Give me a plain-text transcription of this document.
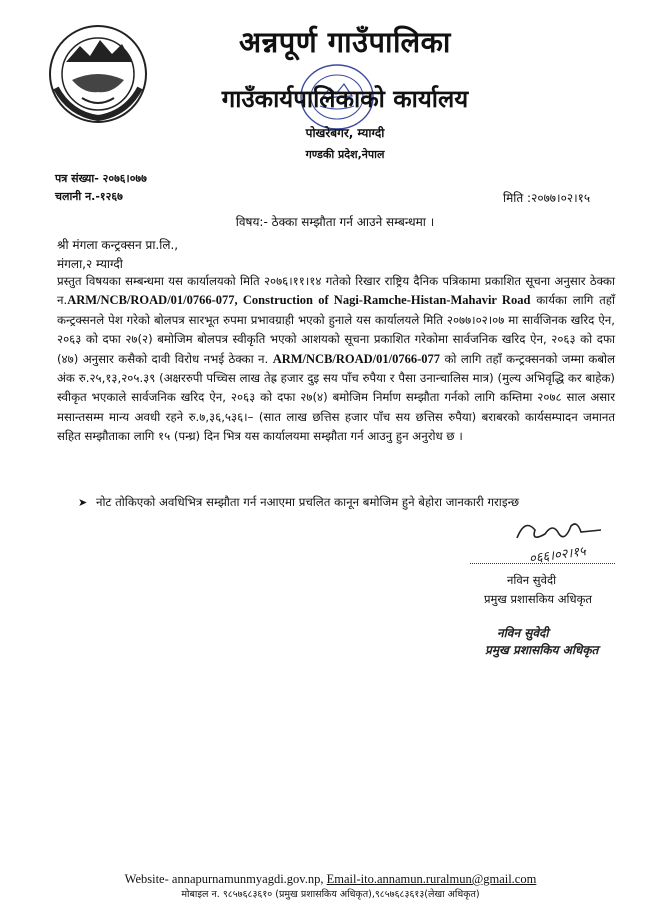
अन्नपूर्ण गाउँपालिका
गाउँकार्यपालिकाको कार्यालय
पोखरेबगर, म्याग्दी
गण्डकी प्रदेश,नेपाल
पत्र संख्या- २०७६।०७७
चलानी न.-१२६७	मिति :२०७७।०२।१५
विषय:- ठेक्का सम्झौता गर्न आउने सम्बन्धमा ।
श्री मंगला कन्ट्रक्सन प्रा.लि.,
मंगला,२ म्याग्दी
प्रस्तुत विषयका सम्बन्धमा यस कार्यालयको मिति २०७६।११।१४ गतेको रिखार राष्ट्रिय दैनिक पत्रिकामा प्रकाशित सूचना अनुसार ठेक्का न.ARM/NCB/ROAD/01/0766-077, Construction of Nagi-Ramche-Histan-Mahavir Road कार्यका लागि तहाँ कन्ट्रक्सनले पेश गरेको बोलपत्र सारभूत रुपमा प्रभावग्राही भएको हुनाले यस कार्यालयले मिति २०७७।०२।०७ मा सार्वजिनक खरिद ऐन, २०६३ को दफा २७(२) बमोजिम बोलपत्र स्वीकृति भएको आशयको सूचना प्रकाशित गरेकोमा सार्वजनिक खरिद ऐन, २०६३ को दफा (४७) अनुसार कसैको दावी विरोध नभई ठेक्का न. ARM/NCB/ROAD/01/0766-077 को लागि तहाँ कन्ट्रक्सनको जम्मा कबोल अंक रु.२५,१३,२०५.३९ (अक्षररुपी पच्चिस लाख तेह्र हजार दुइ सय पाँच रुपैया र पैसा उनान्चालिस मात्र) (मुल्य अभिवृद्धि कर बाहेक) स्वीकृत भएकाले सार्वजनिक खरिद ऐन, २०६३ को दफा २७(४) बमोजिम निर्माण सम्झौता गर्नको लागि कम्तिमा २०७८ साल असार मसान्तसम्म मान्य अवधी रहने रु.७,३६,५३६।– (सात लाख छत्तिस हजार पाँच सय छत्तिस रुपैया) बराबरको कार्यसम्पादन जमानत सहित सम्झौताका लागि १५ (पन्ध्र) दिन भित्र यस कार्यालयमा सम्झौता गर्न आउनु हुन अनुरोध छ ।
➤ नोट तोकिएको अवधिभित्र सम्झौता गर्न नआएमा प्रचलित कानून बमोजिम हुने बेहोरा जानकारी गराइन्छ
०६६।०२।१५
नविन सुवेदी
प्रमुख प्रशासकिय अधिकृत
नविन सुवेदी
प्रमुख प्रशासकिय अधिकृत
Website- annapurnamunmyagdi.gov.np, Email-ito.annamun.ruralmun@gmail.com
मोबाइल न. ९८५७६८३६१० (प्रमुख प्रशासकिय अधिकृत),९८५७६८३६१३(लेखा अधिकृत)
